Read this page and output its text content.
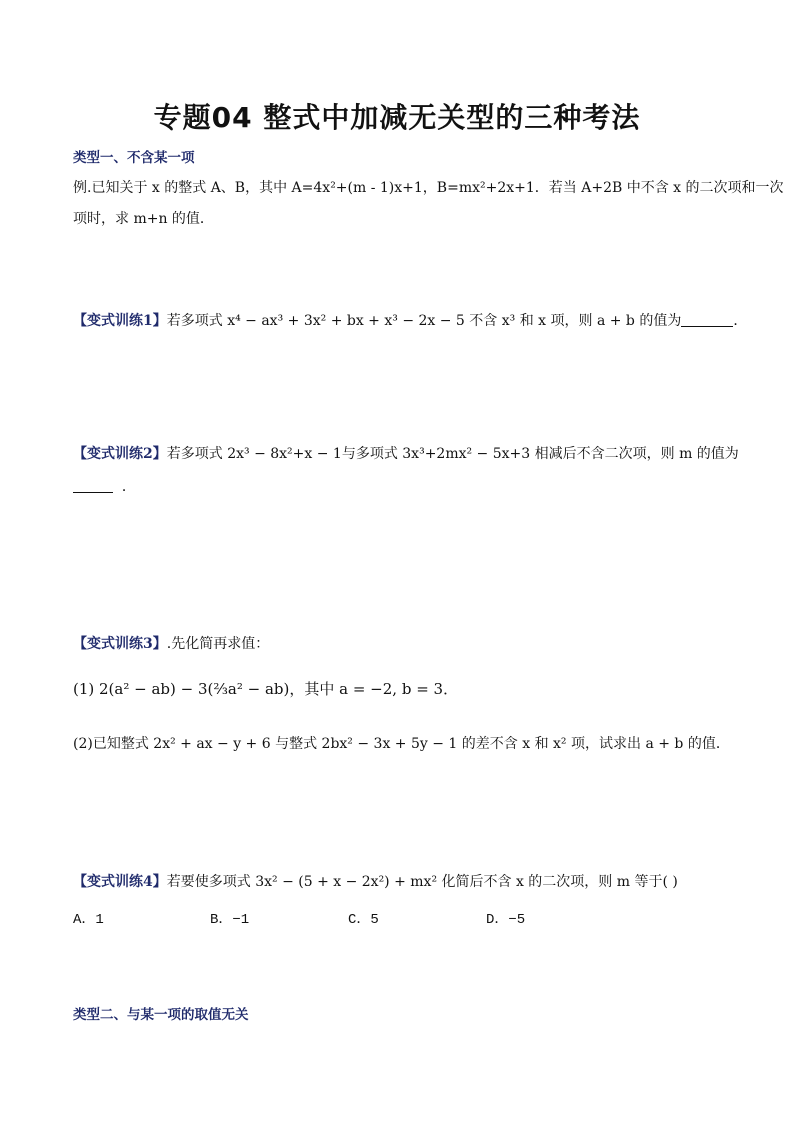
专题04 整式中加减无关型的三种考法
类型一、不含某一项
例.已知关于 x 的整式 A、B，其中 A=4x²+(m - 1)x+1，B=mx²+2x+1．若当 A+2B 中不含 x 的二次项和一次
项时，求 m+n 的值．
【变式训练1】若多项式 x⁴ − ax³ + 3x² + bx + x³ − 2x − 5 不含 x³ 和 x 项，则 a + b 的值为	．
【变式训练2】若多项式 2x³ − 8x²+x − 1与多项式 3x³+2mx² − 5x+3 相减后不含二次项，则 m 的值为
．
【变式训练3】.先化简再求值：
(1) 2(a² − ab) − 3(⅔a² − ab)，其中 a = −2, b = 3．
(2)已知整式 2x² + ax − y + 6 与整式 2bx² − 3x + 5y − 1 的差不含 x 和 x² 项，试求出 a + b 的值．
【变式训练4】若要使多项式 3x² − (5 + x − 2x²) + mx² 化简后不含 x 的二次项，则 m 等于( )
A．1	B．−1	C．5	D．−5
类型二、与某一项的取值无关
